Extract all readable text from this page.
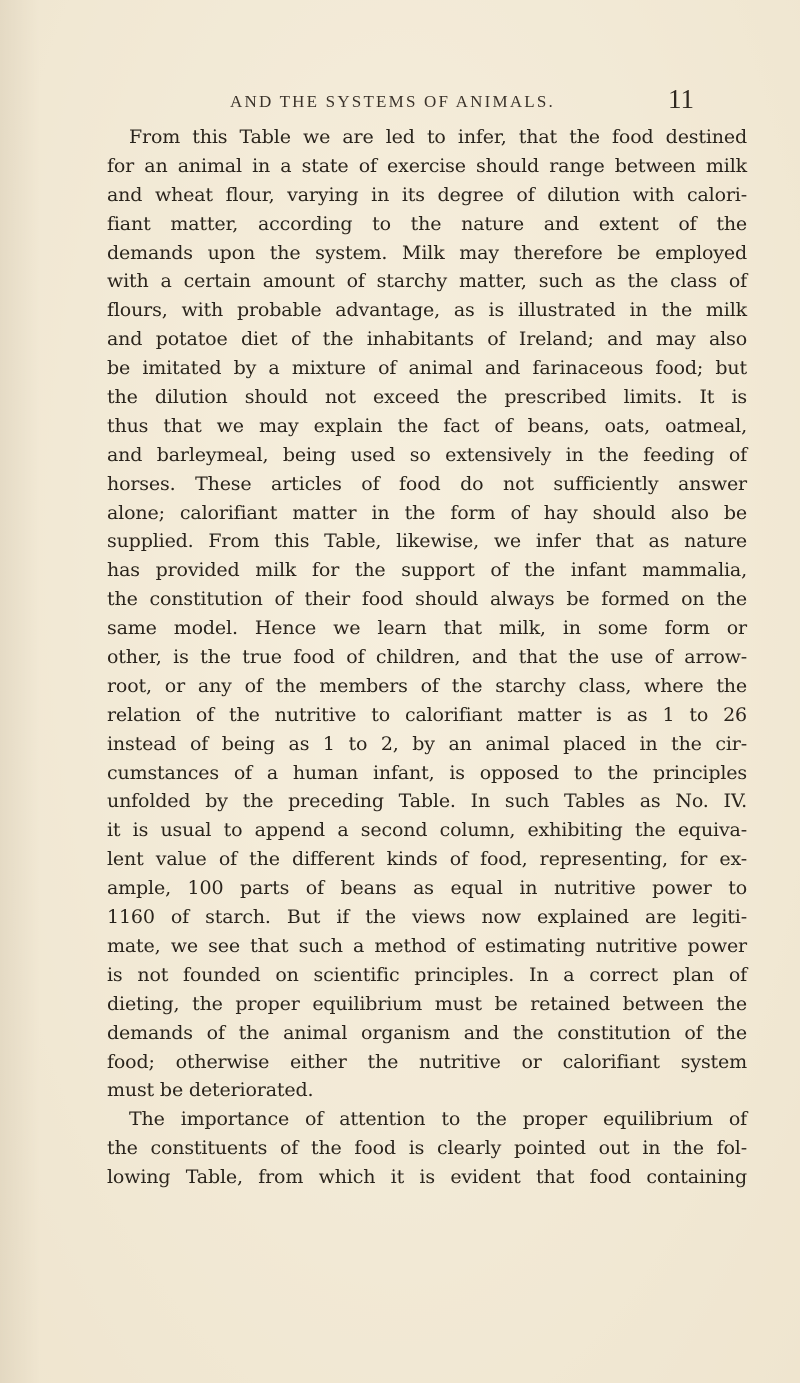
AND THE SYSTEMS OF ANIMALS.	11
From this Table we are led to infer, that the food destined
for an animal in a state of exercise should range between milk
and wheat flour, varying in its degree of dilution with calori-
fiant matter, according to the nature and extent of the
demands upon the system. Milk may therefore be employed
with a certain amount of starchy matter, such as the class of
flours, with probable advantage, as is illustrated in the milk
and potatoe diet of the inhabitants of Ireland; and may also
be imitated by a mixture of animal and farinaceous food; but
the dilution should not exceed the prescribed limits. It is
thus that we may explain the fact of beans, oats, oatmeal,
and barleymeal, being used so extensively in the feeding of
horses. These articles of food do not sufficiently answer
alone; calorifiant matter in the form of hay should also be
supplied. From this Table, likewise, we infer that as nature
has provided milk for the support of the infant mammalia,
the constitution of their food should always be formed on the
same model. Hence we learn that milk, in some form or
other, is the true food of children, and that the use of arrow-
root, or any of the members of the starchy class, where the
relation of the nutritive to calorifiant matter is as 1 to 26
instead of being as 1 to 2, by an animal placed in the cir-
cumstances of a human infant, is opposed to the principles
unfolded by the preceding Table. In such Tables as No. IV.
it is usual to append a second column, exhibiting the equiva-
lent value of the different kinds of food, representing, for ex-
ample, 100 parts of beans as equal in nutritive power to
1160 of starch. But if the views now explained are legiti-
mate, we see that such a method of estimating nutritive power
is not founded on scientific principles. In a correct plan of
dieting, the proper equilibrium must be retained between the
demands of the animal organism and the constitution of the
food; otherwise either the nutritive or calorifiant system
must be deteriorated.
The importance of attention to the proper equilibrium of
the constituents of the food is clearly pointed out in the fol-
lowing Table, from which it is evident that food containing
